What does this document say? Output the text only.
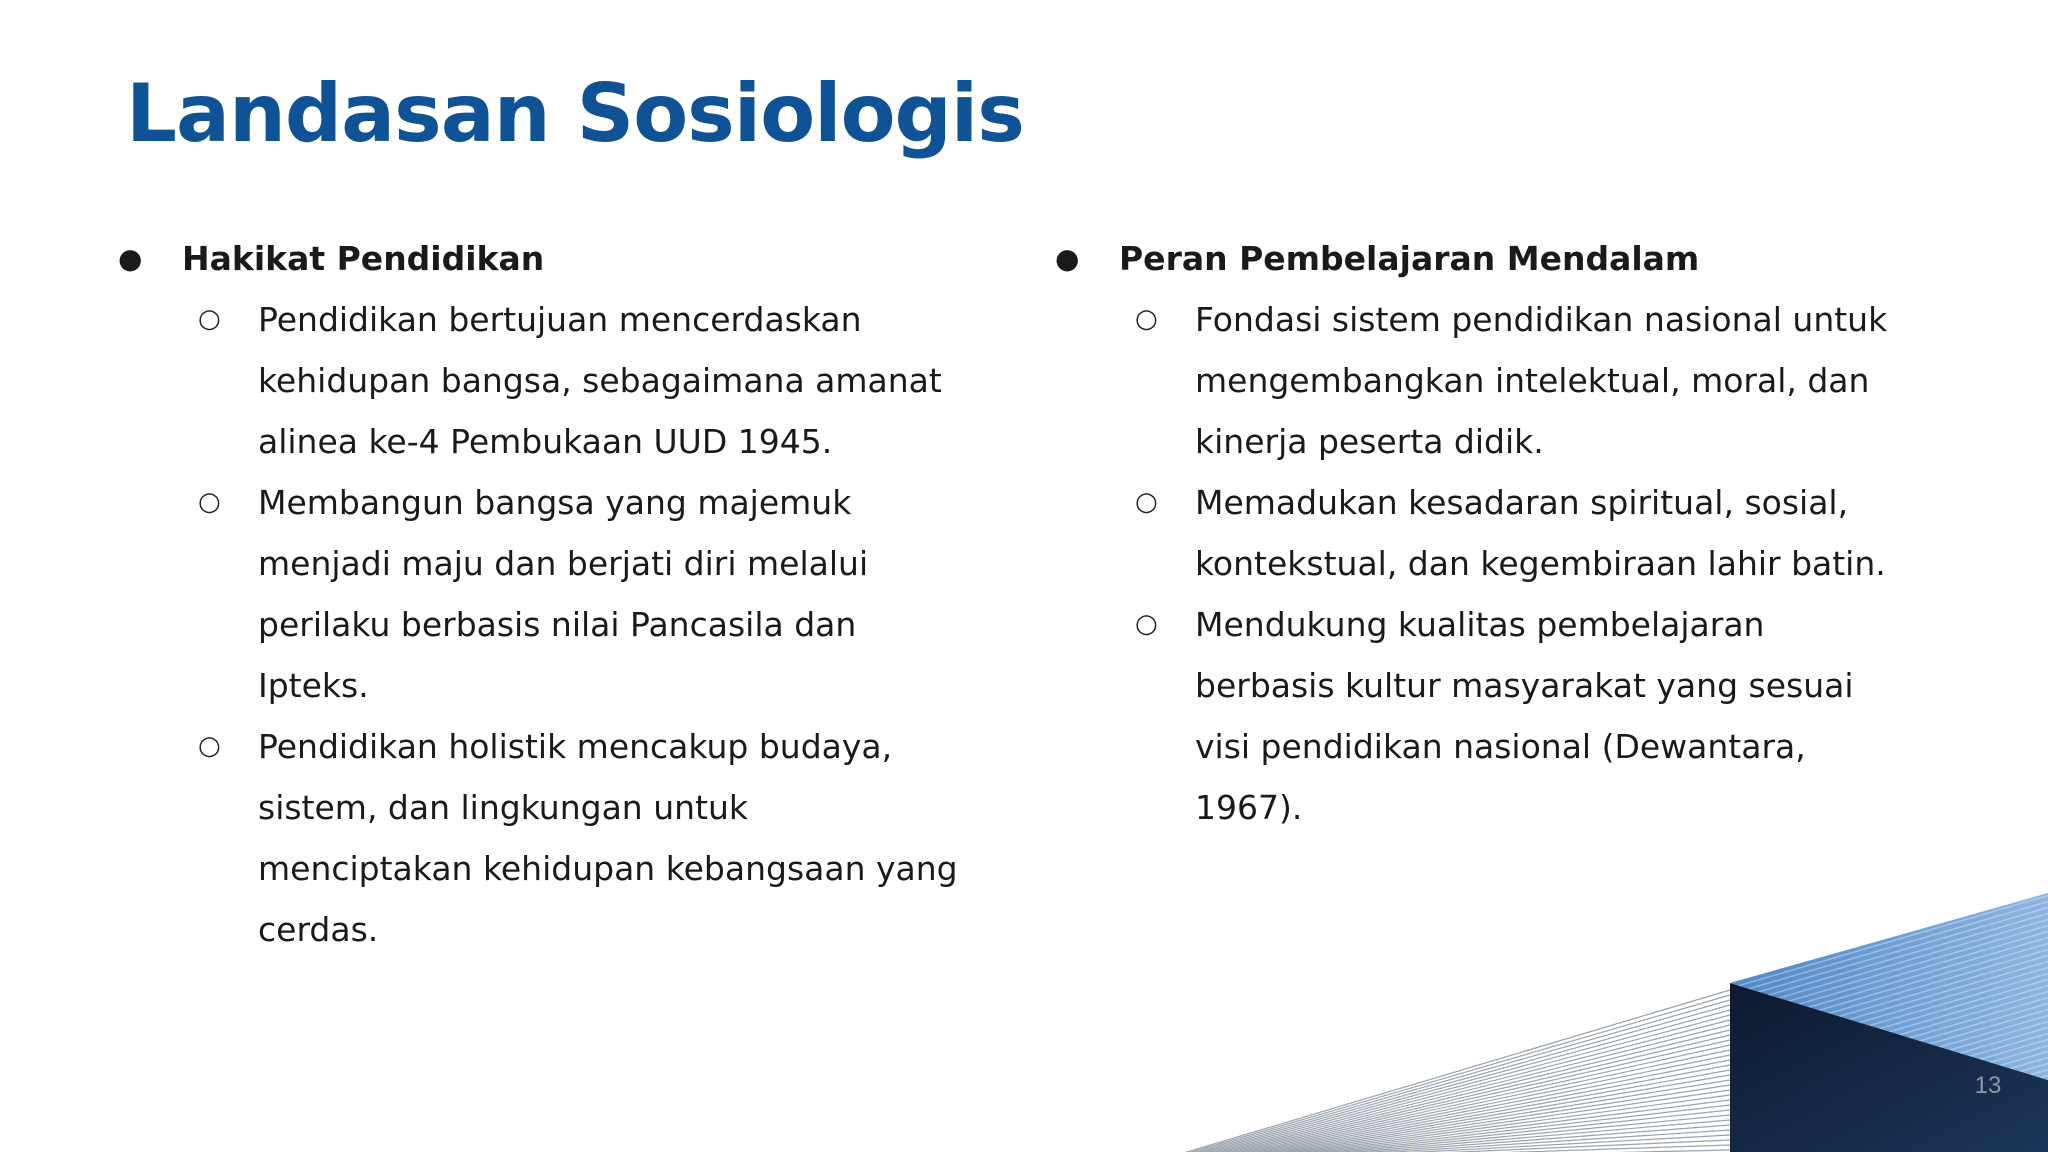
Landasan Sosiologis
● Hakikat Pendidikan
○ Pendidikan bertujuan mencerdaskan kehidupan bangsa, sebagaimana amanat alinea ke-4 Pembukaan UUD 1945.
○ Membangun bangsa yang majemuk menjadi maju dan berjati diri melalui perilaku berbasis nilai Pancasila dan Ipteks.
○ Pendidikan holistik mencakup budaya, sistem, dan lingkungan untuk menciptakan kehidupan kebangsaan yang cerdas.
● Peran Pembelajaran Mendalam
○ Fondasi sistem pendidikan nasional untuk mengembangkan intelektual, moral, dan kinerja peserta didik.
○ Memadukan kesadaran spiritual, sosial, kontekstual, dan kegembiraan lahir batin.
○ Mendukung kualitas pembelajaran berbasis kultur masyarakat yang sesuai visi pendidikan nasional (Dewantara, 1967).
13
